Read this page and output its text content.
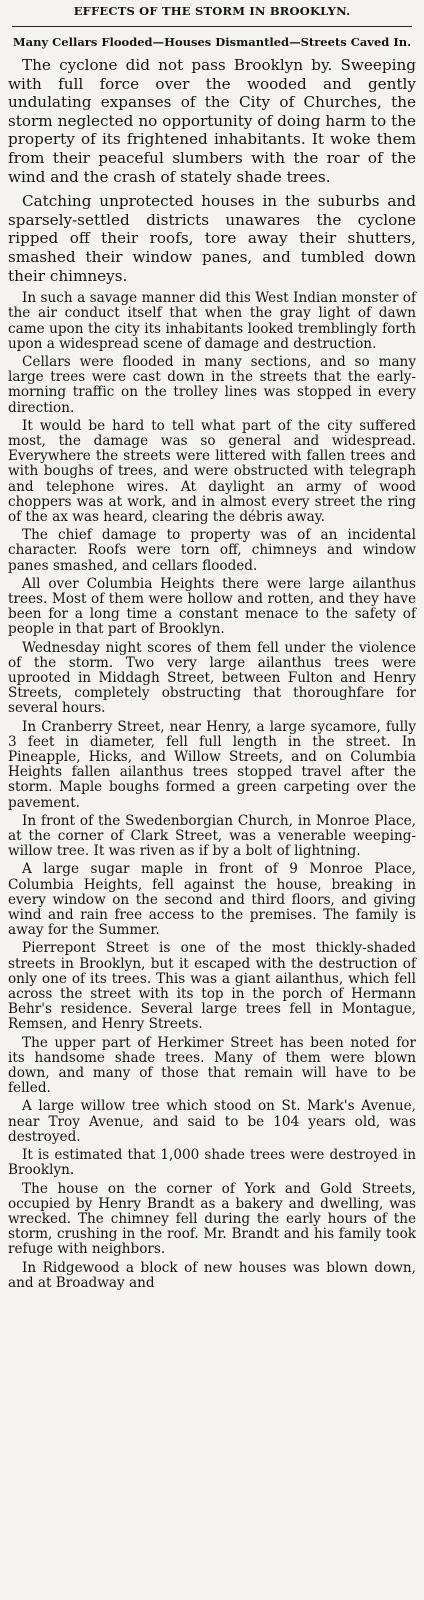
EFFECTS OF THE STORM IN BROOKLYN.
Many Cellars Flooded—Houses Dismantled—Streets Caved In.

The cyclone did not pass Brooklyn by. Sweeping with full force over the wooded and gently undulating expanses of the City of Churches, the storm neglected no opportunity of doing harm to the property of its frightened inhabitants. It woke them from their peaceful slumbers with the roar of the wind and the crash of stately shade trees.

Catching unprotected houses in the suburbs and sparsely-settled districts unawares the cyclone ripped off their roofs, tore away their shutters, smashed their window panes, and tumbled down their chimneys.

In such a savage manner did this West Indian monster of the air conduct itself that when the gray light of dawn came upon the city its inhabitants looked tremblingly forth upon a widespread scene of damage and destruction.

Cellars were flooded in many sections, and so many large trees were cast down in the streets that the early-morning traffic on the trolley lines was stopped in every direction.

It would be hard to tell what part of the city suffered most, the damage was so general and widespread. Everywhere the streets were littered with fallen trees and with boughs of trees, and were obstructed with telegraph and telephone wires. At daylight an army of wood choppers was at work, and in almost every street the ring of the ax was heard, clearing the débris away.

The chief damage to property was of an incidental character. Roofs were torn off, chimneys and window panes smashed, and cellars flooded.

All over Columbia Heights there were large ailanthus trees. Most of them were hollow and rotten, and they have been for a long time a constant menace to the safety of people in that part of Brooklyn.

Wednesday night scores of them fell under the violence of the storm. Two very large ailanthus trees were uprooted in Middagh Street, between Fulton and Henry Streets, completely obstructing that thoroughfare for several hours.

In Cranberry Street, near Henry, a large sycamore, fully 3 feet in diameter, fell full length in the street. In Pineapple, Hicks, and Willow Streets, and on Columbia Heights fallen ailanthus trees stopped travel after the storm. Maple boughs formed a green carpeting over the pavement.

In front of the Swedenborgian Church, in Monroe Place, at the corner of Clark Street, was a venerable weeping-willow tree. It was riven as if by a bolt of lightning.

A large sugar maple in front of 9 Monroe Place, Columbia Heights, fell against the house, breaking in every window on the second and third floors, and giving wind and rain free access to the premises. The family is away for the Summer.

Pierrepont Street is one of the most thickly-shaded streets in Brooklyn, but it escaped with the destruction of only one of its trees. This was a giant ailanthus, which fell across the street with its top in the porch of Hermann Behr's residence. Several large trees fell in Montague, Remsen, and Henry Streets.

The upper part of Herkimer Street has been noted for its handsome shade trees. Many of them were blown down, and many of those that remain will have to be felled.

A large willow tree which stood on St. Mark's Avenue, near Troy Avenue, and said to be 104 years old, was destroyed.

It is estimated that 1,000 shade trees were destroyed in Brooklyn.

The house on the corner of York and Gold Streets, occupied by Henry Brandt as a bakery and dwelling, was wrecked. The chimney fell during the early hours of the storm, crushing in the roof. Mr. Brandt and his family took refuge with neighbors.

In Ridgewood a block of new houses was blown down, and at Broadway and
